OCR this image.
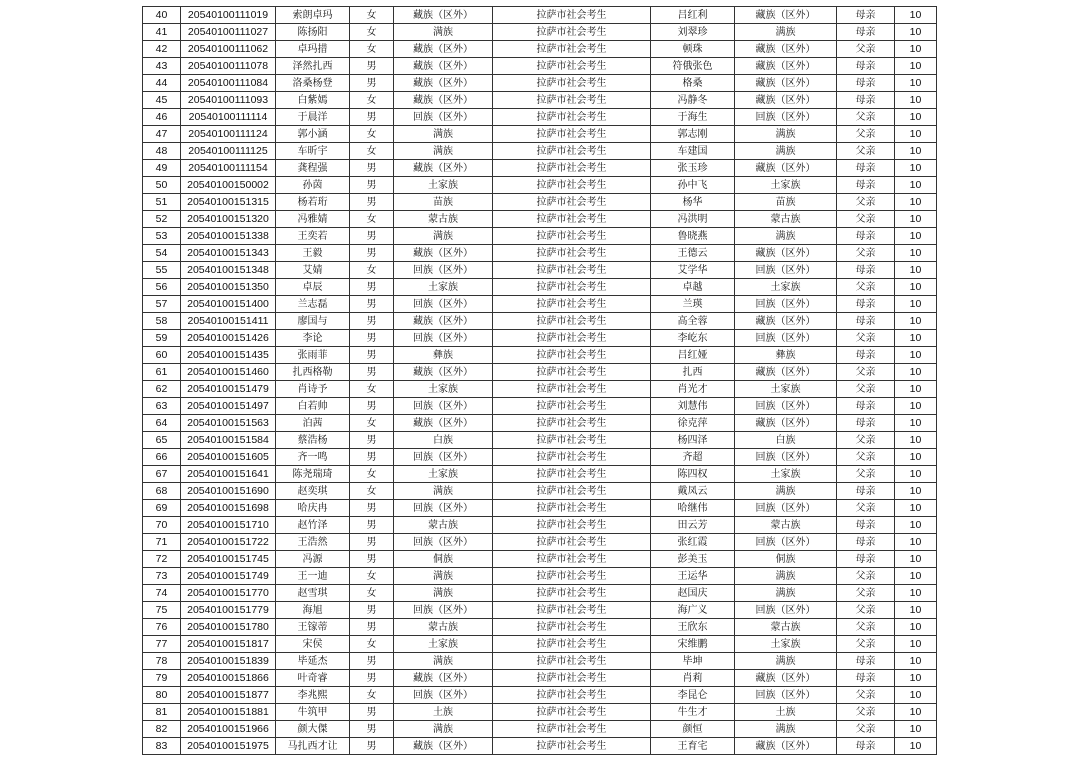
40	20540100111019	索朗卓玛	女	藏族（区外）	拉萨市社会考生	吕红利	藏族（区外）	母亲	10
41	20540100111027	陈扬阳	女	满族	拉萨市社会考生	刘翠珍	满族	母亲	10
42	20540100111062	卓玛措	女	藏族（区外）	拉萨市社会考生	顿珠	藏族（区外）	父亲	10
43	20540100111078	泽然扎西	男	藏族（区外）	拉萨市社会考生	符俄张色	藏族（区外）	母亲	10
44	20540100111084	洛桑杨登	男	藏族（区外）	拉萨市社会考生	格桑	藏族（区外）	母亲	10
45	20540100111093	白紫嫣	女	藏族（区外）	拉萨市社会考生	冯静冬	藏族（区外）	母亲	10
46	20540100111114	于晨洋	男	回族（区外）	拉萨市社会考生	于海生	回族（区外）	父亲	10
47	20540100111124	郭小涵	女	满族	拉萨市社会考生	郭志刚	满族	父亲	10
48	20540100111125	车昕宇	女	满族	拉萨市社会考生	车建国	满族	父亲	10
49	20540100111154	龚程强	男	藏族（区外）	拉萨市社会考生	张玉珍	藏族（区外）	母亲	10
50	20540100150002	孙茵	男	土家族	拉萨市社会考生	孙中飞	土家族	母亲	10
51	20540100151315	杨若珩	男	苗族	拉萨市社会考生	杨华	苗族	父亲	10
52	20540100151320	冯雅婧	女	蒙古族	拉萨市社会考生	冯洪明	蒙古族	父亲	10
53	20540100151338	王奕若	男	满族	拉萨市社会考生	鲁晓燕	满族	母亲	10
54	20540100151343	王毅	男	藏族（区外）	拉萨市社会考生	王德云	藏族（区外）	父亲	10
55	20540100151348	艾婧	女	回族（区外）	拉萨市社会考生	艾学华	回族（区外）	母亲	10
56	20540100151350	卓辰	男	土家族	拉萨市社会考生	卓越	土家族	父亲	10
57	20540100151400	兰志磊	男	回族（区外）	拉萨市社会考生	兰瑛	回族（区外）	母亲	10
58	20540100151411	廖国与	男	藏族（区外）	拉萨市社会考生	高全蓉	藏族（区外）	母亲	10
59	20540100151426	李论	男	回族（区外）	拉萨市社会考生	李屹东	回族（区外）	父亲	10
60	20540100151435	张雨菲	男	彝族	拉萨市社会考生	吕红娅	彝族	母亲	10
61	20540100151460	扎西格勒	男	藏族（区外）	拉萨市社会考生	扎西	藏族（区外）	父亲	10
62	20540100151479	肖诗予	女	土家族	拉萨市社会考生	肖光才	土家族	父亲	10
63	20540100151497	白若帅	男	回族（区外）	拉萨市社会考生	刘慧伟	回族（区外）	母亲	10
64	20540100151563	泊茜	女	藏族（区外）	拉萨市社会考生	徐克萍	藏族（区外）	母亲	10
65	20540100151584	蔡浩杨	男	白族	拉萨市社会考生	杨四泽	白族	父亲	10
66	20540100151605	齐一鸣	男	回族（区外）	拉萨市社会考生	齐超	回族（区外）	父亲	10
67	20540100151641	陈尧瑞琦	女	土家族	拉萨市社会考生	陈四权	土家族	父亲	10
68	20540100151690	赵奕琪	女	满族	拉萨市社会考生	戴凤云	满族	母亲	10
69	20540100151698	哈庆冉	男	回族（区外）	拉萨市社会考生	哈继伟	回族（区外）	父亲	10
70	20540100151710	赵竹泽	男	蒙古族	拉萨市社会考生	田云芳	蒙古族	母亲	10
71	20540100151722	王浩然	男	回族（区外）	拉萨市社会考生	张红霞	回族（区外）	母亲	10
72	20540100151745	冯源	男	侗族	拉萨市社会考生	彭美玉	侗族	母亲	10
73	20540100151749	王一迪	女	满族	拉萨市社会考生	王运华	满族	父亲	10
74	20540100151770	赵雪琪	女	满族	拉萨市社会考生	赵国庆	满族	父亲	10
75	20540100151779	海旭	男	回族（区外）	拉萨市社会考生	海广义	回族（区外）	父亲	10
76	20540100151780	王镓蒂	男	蒙古族	拉萨市社会考生	王欣东	蒙古族	父亲	10
77	20540100151817	宋侯	女	土家族	拉萨市社会考生	宋维鹏	土家族	父亲	10
78	20540100151839	毕延杰	男	满族	拉萨市社会考生	毕坤	满族	母亲	10
79	20540100151866	叶奇睿	男	藏族（区外）	拉萨市社会考生	肖莉	藏族（区外）	母亲	10
80	20540100151877	李兆熙	女	回族（区外）	拉萨市社会考生	李昆仑	回族（区外）	父亲	10
81	20540100151881	牛筑甲	男	土族	拉萨市社会考生	牛生才	土族	父亲	10
82	20540100151966	颜大傑	男	满族	拉萨市社会考生	颜恒	满族	父亲	10
83	20540100151975	马扎西才让	男	藏族（区外）	拉萨市社会考生	王育宅	藏族（区外）	母亲	10
